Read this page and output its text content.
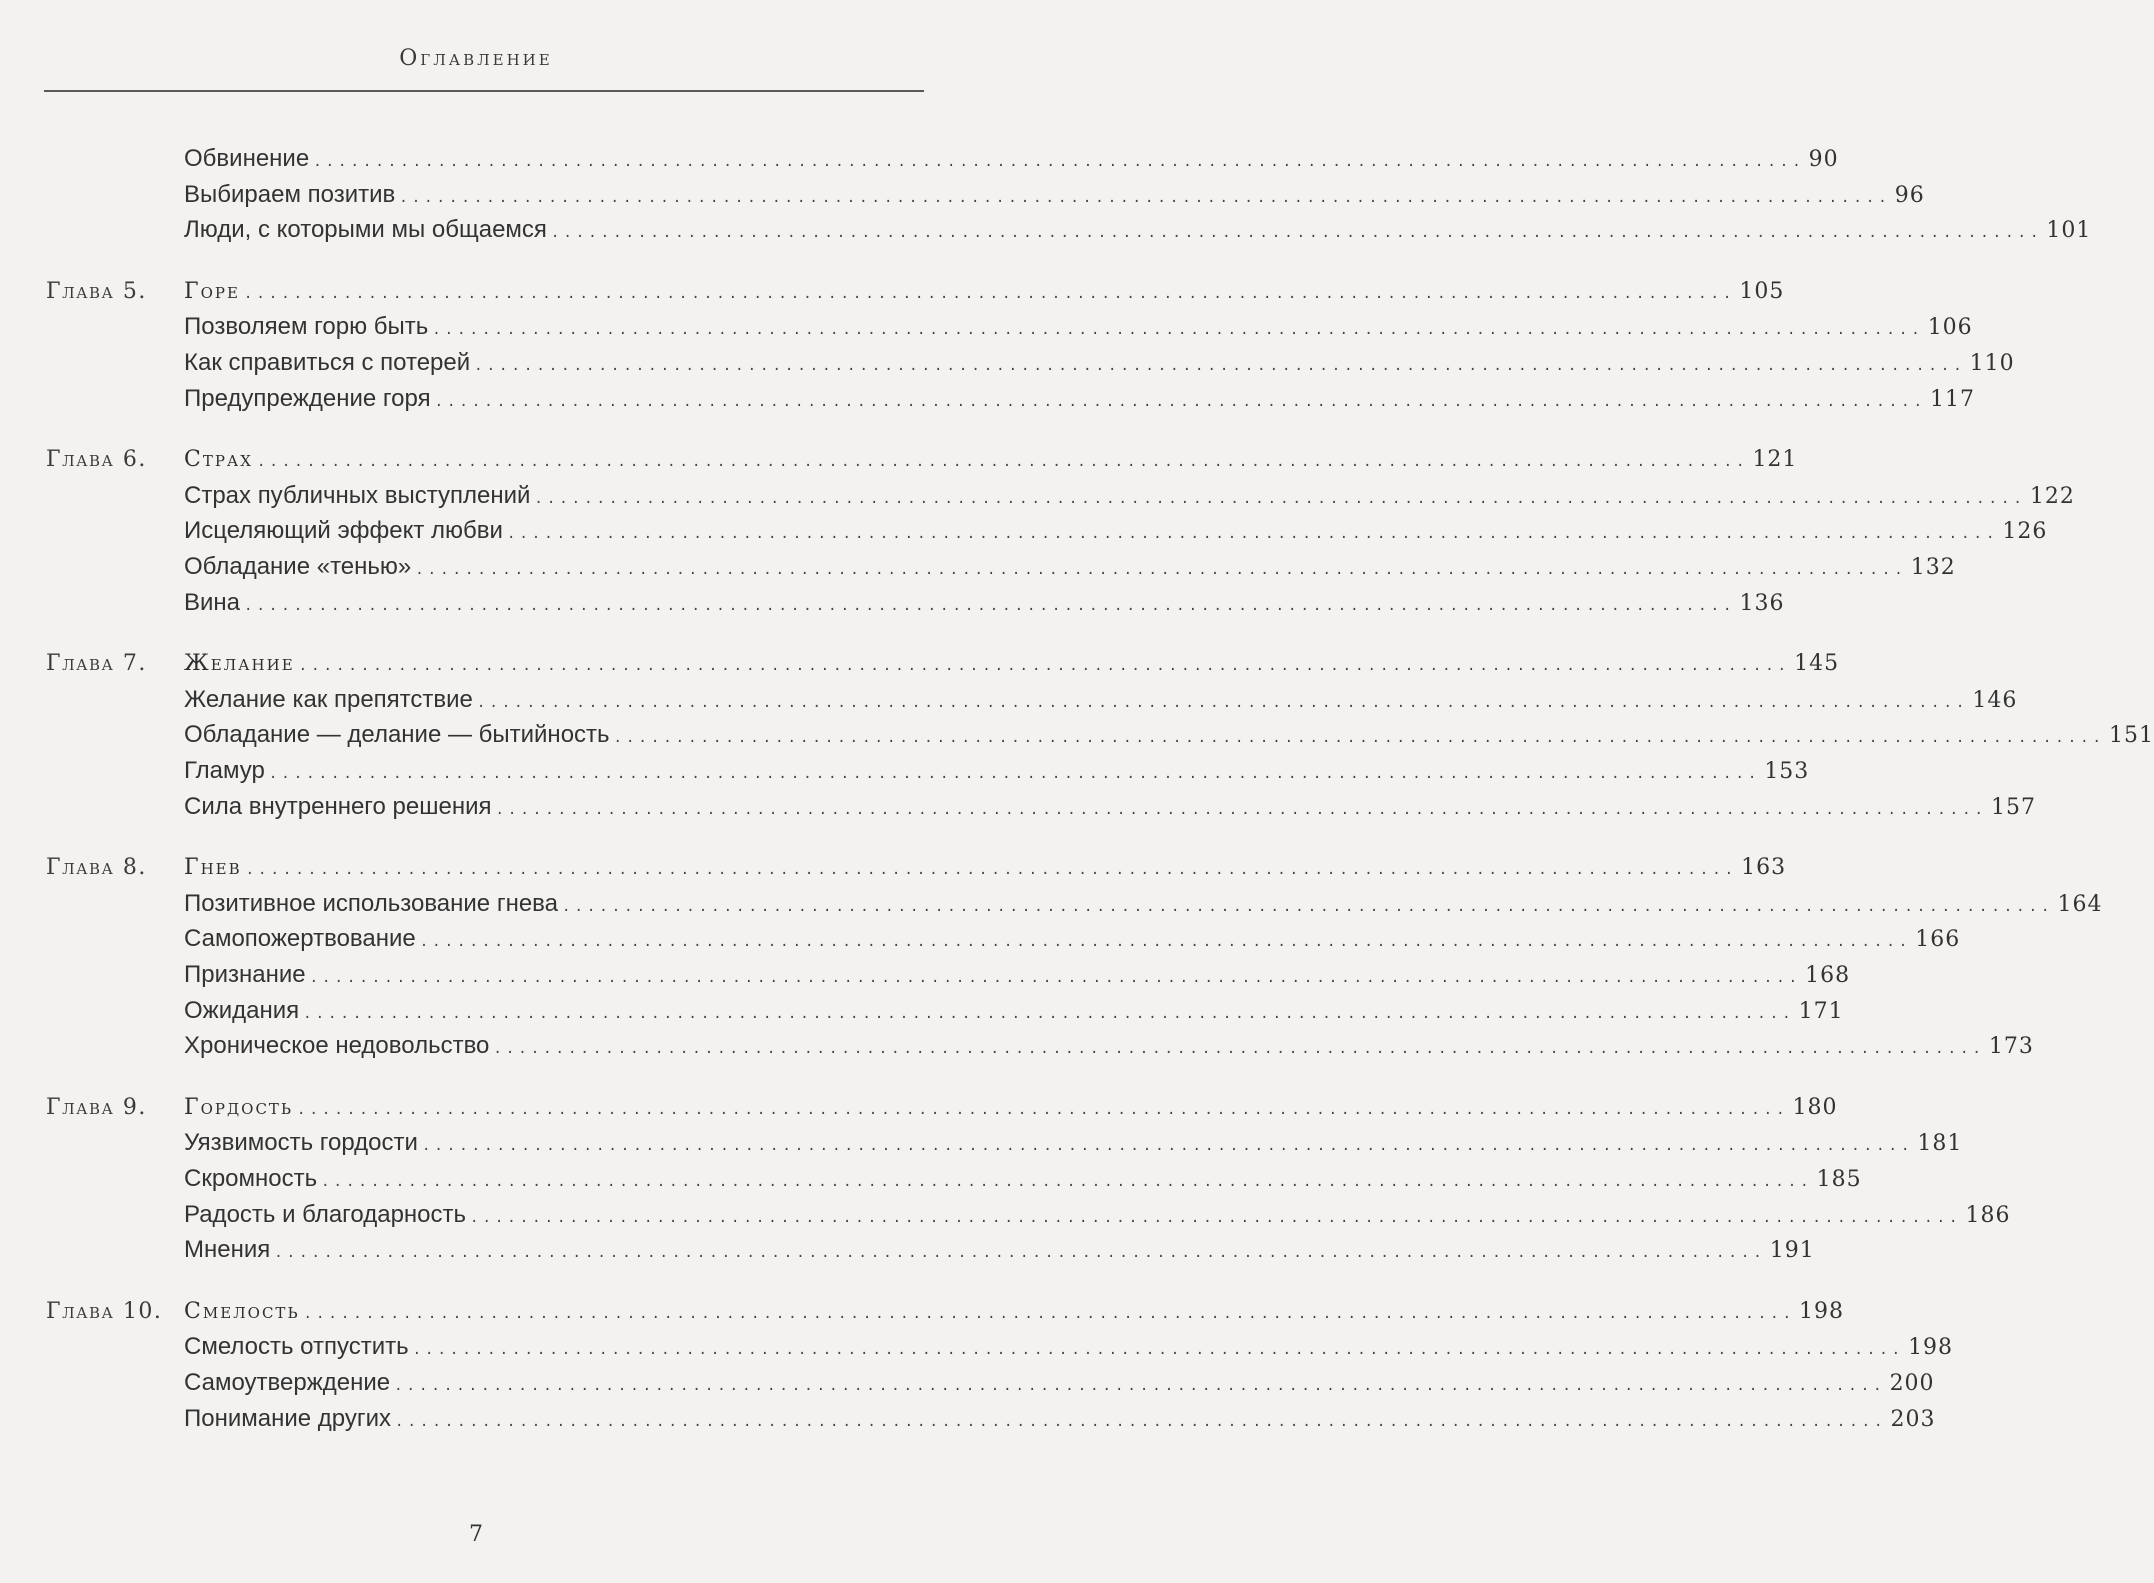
Оглавление
Обвинение ........................................................................................................................ 90
Выбираем позитив ........................................................................................................................ 96
Люди, с которыми мы общаемся ........................................................................................................................ 101
Глава 5. Горе ........................................................................................................................ 105
Позволяем горю быть ........................................................................................................................ 106
Как справиться с потерей ........................................................................................................................ 110
Предупреждение горя ........................................................................................................................ 117
Глава 6. Страх ........................................................................................................................ 121
Страх публичных выступлений ........................................................................................................................ 122
Исцеляющий эффект любви ........................................................................................................................ 126
Обладание «тенью» ........................................................................................................................ 132
Вина ........................................................................................................................ 136
Глава 7. Желание ........................................................................................................................ 145
Желание как препятствие ........................................................................................................................ 146
Обладание — делание — бытийность ........................................................................................................................ 151
Гламур ........................................................................................................................ 153
Сила внутреннего решения ........................................................................................................................ 157
Глава 8. Гнев ........................................................................................................................ 163
Позитивное использование гнева ........................................................................................................................ 164
Самопожертвование ........................................................................................................................ 166
Признание ........................................................................................................................ 168
Ожидания ........................................................................................................................ 171
Хроническое недовольство ........................................................................................................................ 173
Глава 9. Гордость ........................................................................................................................ 180
Уязвимость гордости ........................................................................................................................ 181
Скромность ........................................................................................................................ 185
Радость и благодарность ........................................................................................................................ 186
Мнения ........................................................................................................................ 191
Глава 10. Смелость ........................................................................................................................ 198
Смелость отпустить ........................................................................................................................ 198
Самоутверждение ........................................................................................................................ 200
Понимание других ........................................................................................................................ 203
7
